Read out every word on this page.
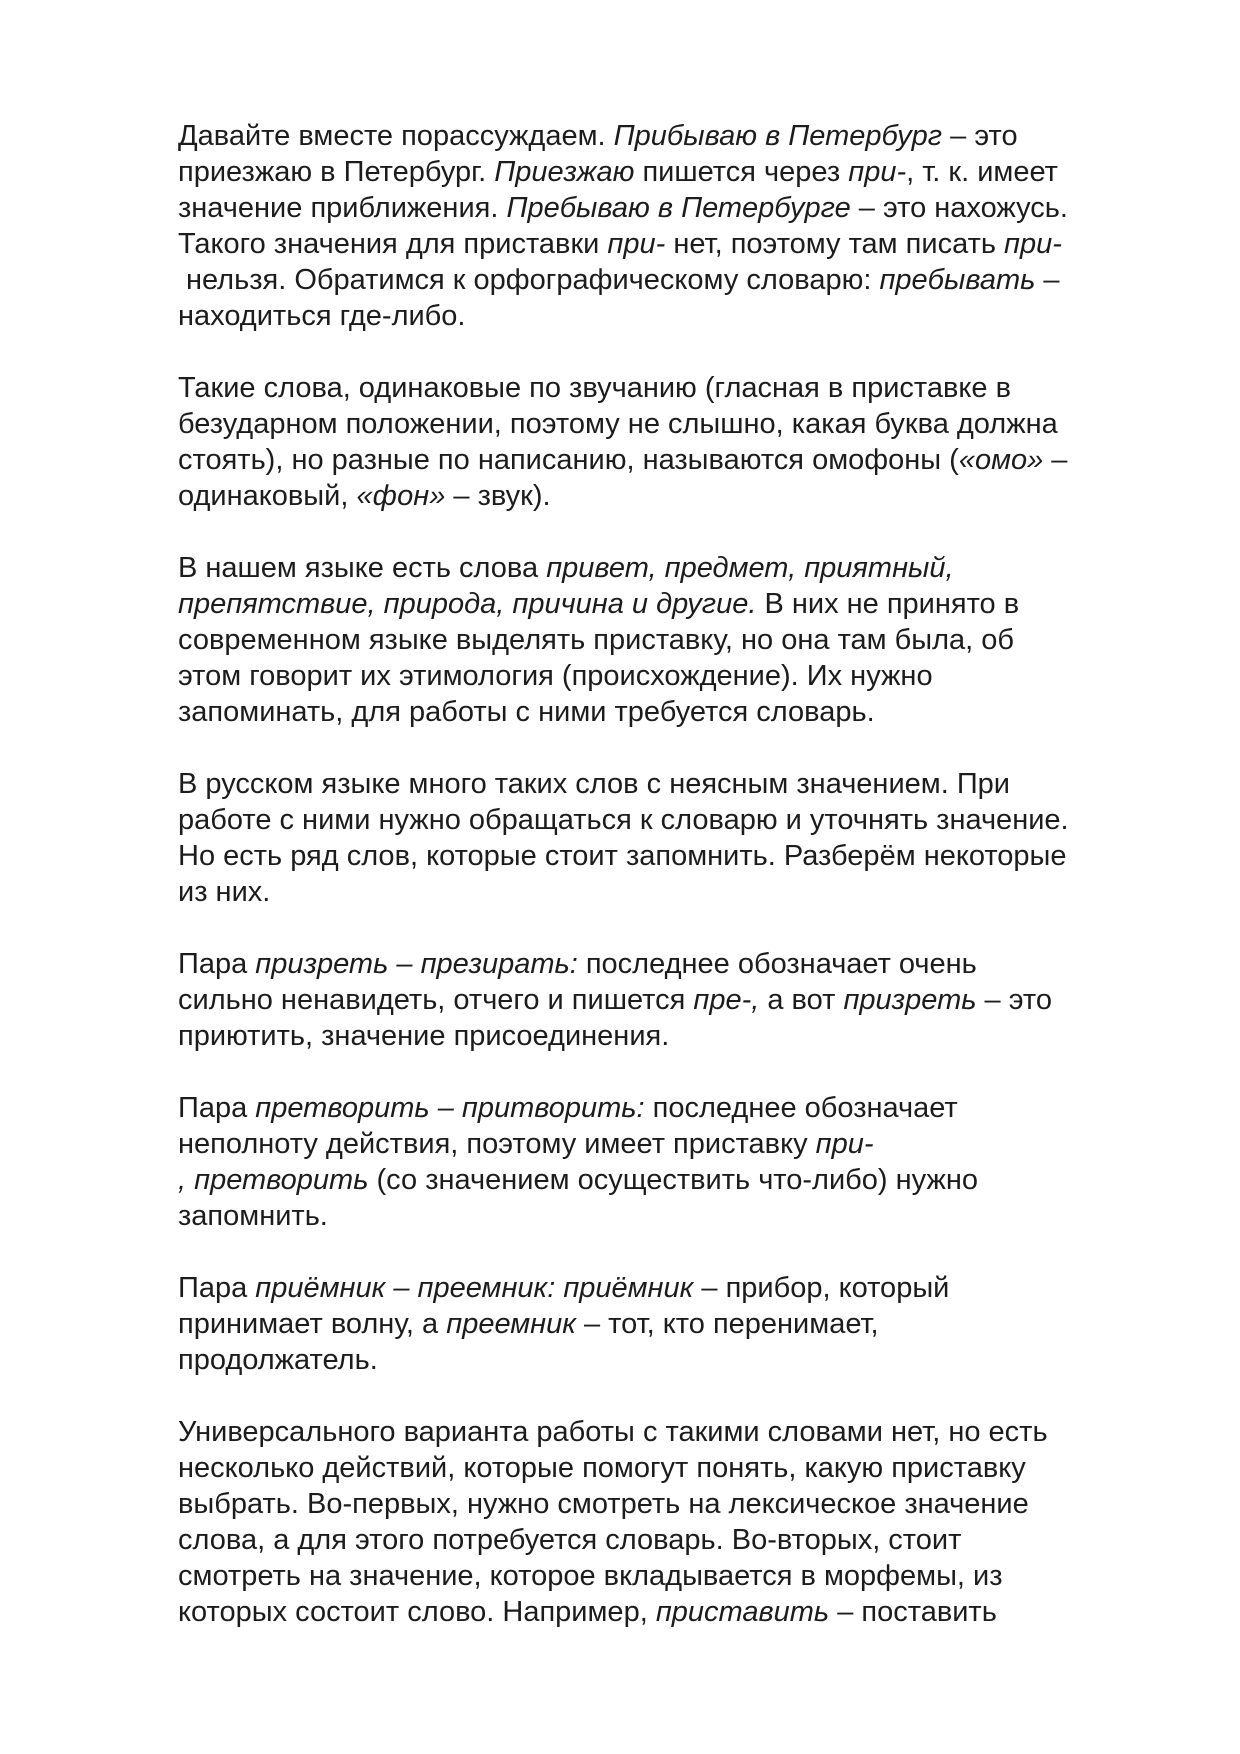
Давайте вместе порассуждаем. Прибываю в Петербург – это
приезжаю в Петербург. Приезжаю пишется через при-, т. к. имеет
значение приближения. Пребываю в Петербурге – это нахожусь.
Такого значения для приставки при- нет, поэтому там писать при-
нельзя. Обратимся к орфографическому словарю: пребывать –
находиться где-либо.
Такие слова, одинаковые по звучанию (гласная в приставке в
безударном положении, поэтому не слышно, какая буква должна
стоять), но разные по написанию, называются омофоны («омо» –
одинаковый, «фон» – звук).
В нашем языке есть слова привет, предмет, приятный,
препятствие, природа, причина и другие. В них не принято в
современном языке выделять приставку, но она там была, об
этом говорит их этимология (происхождение). Их нужно
запоминать, для работы с ними требуется словарь.
В русском языке много таких слов с неясным значением. При
работе с ними нужно обращаться к словарю и уточнять значение.
Но есть ряд слов, которые стоит запомнить. Разберём некоторые
из них.
Пара призреть – презирать: последнее обозначает очень
сильно ненавидеть, отчего и пишется пре-, а вот призреть – это
приютить, значение присоединения.
Пара претворить – притворить: последнее обозначает
неполноту действия, поэтому имеет приставку при-
, претворить (со значением осуществить что-либо) нужно
запомнить.
Пара приёмник – преемник: приёмник – прибор, который
принимает волну, а преемник – тот, кто перенимает,
продолжатель.
Универсального варианта работы с такими словами нет, но есть
несколько действий, которые помогут понять, какую приставку
выбрать. Во-первых, нужно смотреть на лексическое значение
слова, а для этого потребуется словарь. Во-вторых, стоит
смотреть на значение, которое вкладывается в морфемы, из
которых состоит слово. Например, приставить – поставить
